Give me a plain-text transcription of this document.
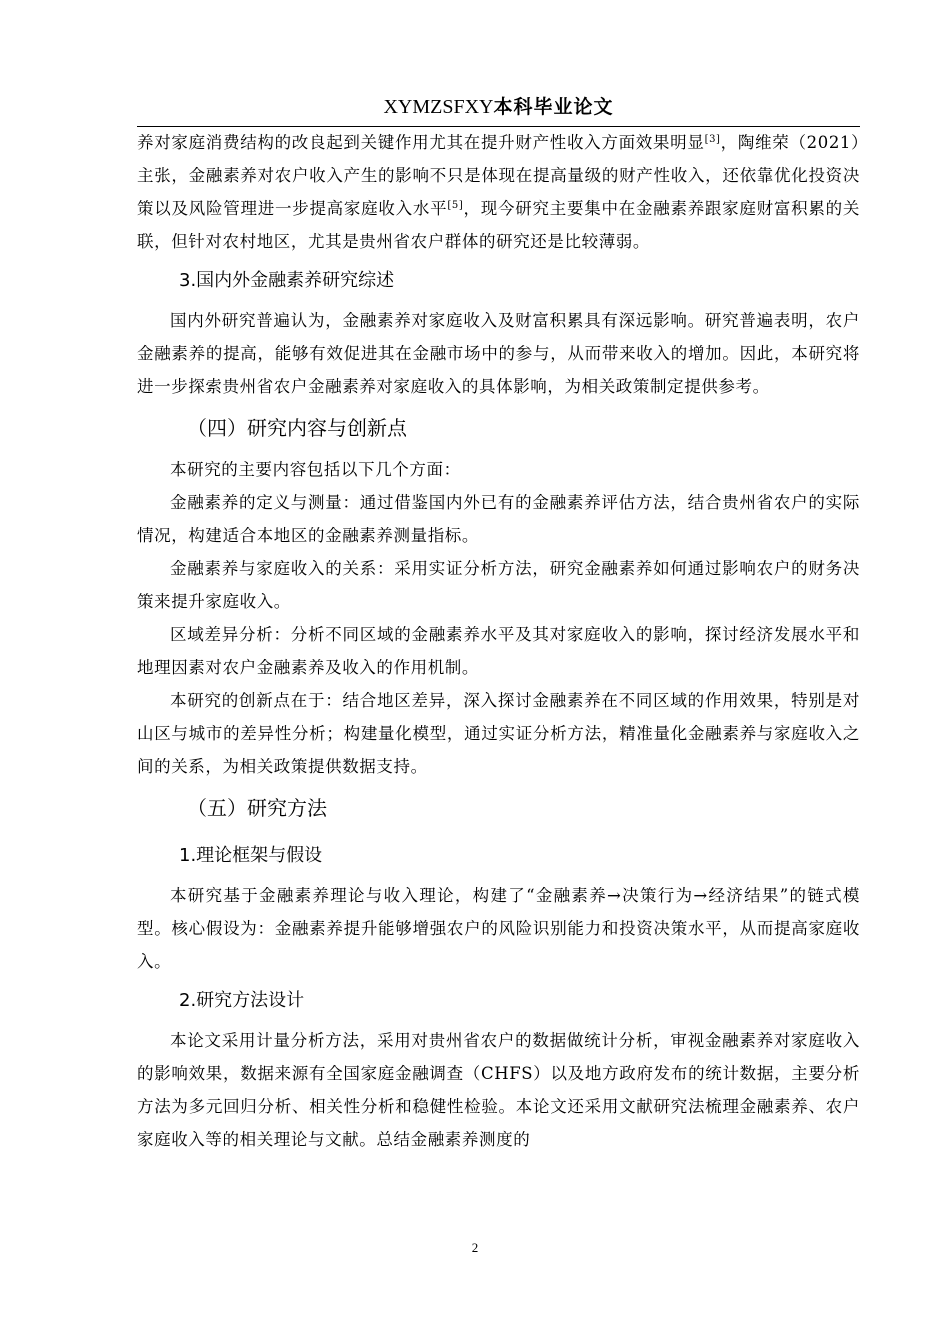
XYMZSFXY本科毕业论文

养对家庭消费结构的改良起到关键作用尤其在提升财产性收入方面效果明显[3]，陶维荣（2021）主张，金融素养对农户收入产生的影响不只是体现在提高量级的财产性收入，还依靠优化投资决策以及风险管理进一步提高家庭收入水平[5]，现今研究主要集中在金融素养跟家庭财富积累的关联，但针对农村地区，尤其是贵州省农户群体的研究还是比较薄弱。

3.国内外金融素养研究综述

国内外研究普遍认为，金融素养对家庭收入及财富积累具有深远影响。研究普遍表明，农户金融素养的提高，能够有效促进其在金融市场中的参与，从而带来收入的增加。因此，本研究将进一步探索贵州省农户金融素养对家庭收入的具体影响，为相关政策制定提供参考。

（四）研究内容与创新点

本研究的主要内容包括以下几个方面：

金融素养的定义与测量：通过借鉴国内外已有的金融素养评估方法，结合贵州省农户的实际情况，构建适合本地区的金融素养测量指标。

金融素养与家庭收入的关系：采用实证分析方法，研究金融素养如何通过影响农户的财务决策来提升家庭收入。

区域差异分析：分析不同区域的金融素养水平及其对家庭收入的影响，探讨经济发展水平和地理因素对农户金融素养及收入的作用机制。

本研究的创新点在于：结合地区差异，深入探讨金融素养在不同区域的作用效果，特别是对山区与城市的差异性分析；构建量化模型，通过实证分析方法，精准量化金融素养与家庭收入之间的关系，为相关政策提供数据支持。

（五）研究方法
1.理论框架与假设

本研究基于金融素养理论与收入理论，构建了“金融素养→决策行为→经济结果”的链式模型。核心假设为：金融素养提升能够增强农户的风险识别能力和投资决策水平，从而提高家庭收入。

2.研究方法设计

本论文采用计量分析方法，采用对贵州省农户的数据做统计分析，审视金融素养对家庭收入的影响效果，数据来源有全国家庭金融调查（CHFS）以及地方政府发布的统计数据，主要分析方法为多元回归分析、相关性分析和稳健性检验。本论文还采用文献研究法梳理金融素养、农户家庭收入等的相关理论与文献。总结金融素养测度的

2
